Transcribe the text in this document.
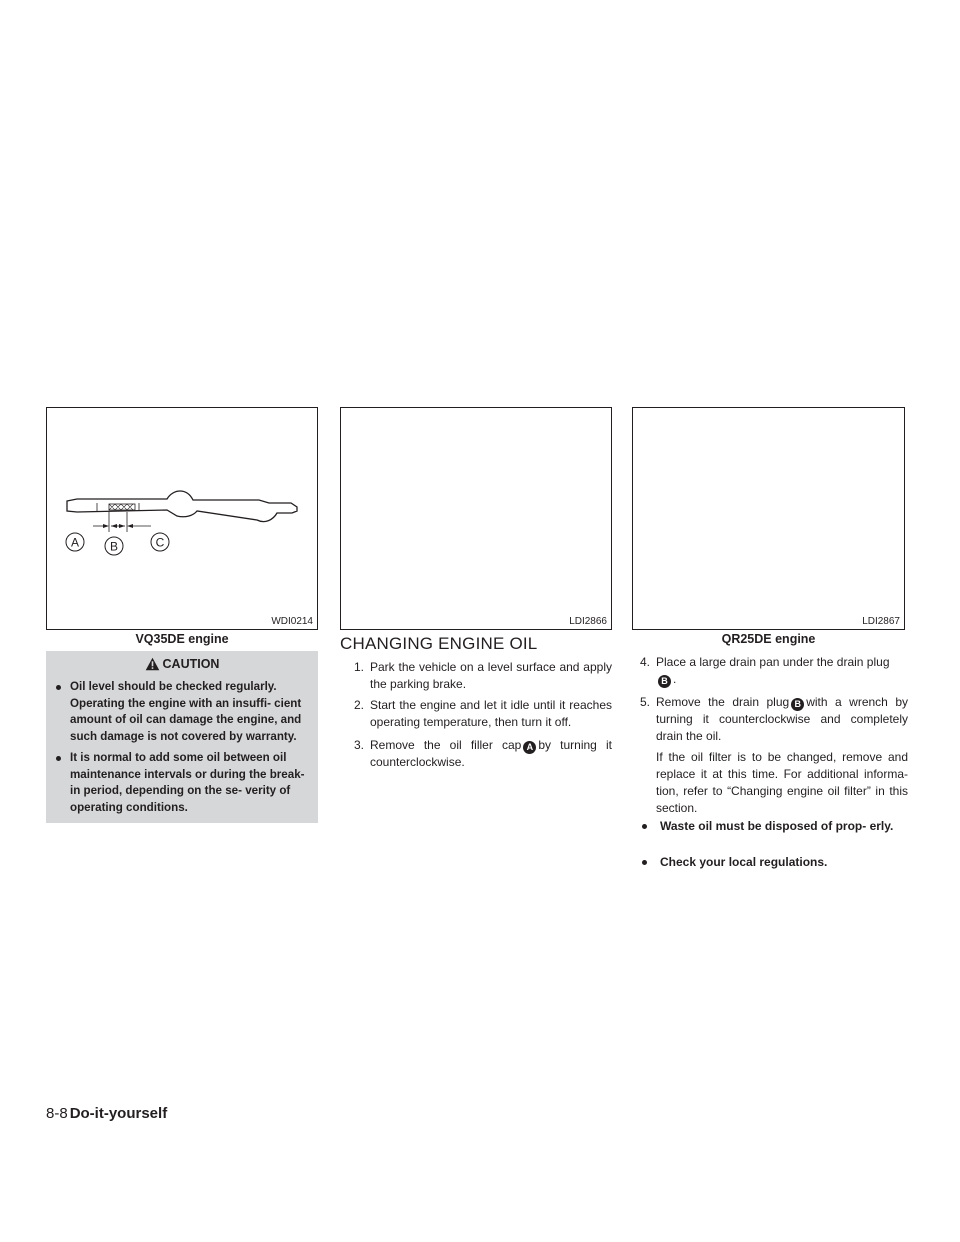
A	B	C
WDI0214
VQ35DE engine
LDI2866	LDI2867
QR25DE engine
CAUTION
Oil level should be checked regularly. Operating the engine with an insuffi- cient amount of oil can damage the engine, and such damage is not covered by warranty.
It is normal to add some oil between oil maintenance intervals or during the break-in period, depending on the se- verity of operating conditions.
CHANGING ENGINE OIL
1. Park the vehicle on a level surface and apply the parking brake.
2. Start the engine and let it idle until it reaches operating temperature, then turn it off.
3. Remove the oil filler cap A by turning it counterclockwise.
4. Place a large drain pan under the drain plug
B .
5. Remove the drain plug B with a wrench by turning it counterclockwise and completely drain the oil.
If the oil filter is to be changed, remove and replace it at this time. For additional informa- tion, refer to “Changing engine oil filter” in this section.
Waste oil must be disposed of prop- erly.
Check your local regulations.
8-8 Do-it-yourself
